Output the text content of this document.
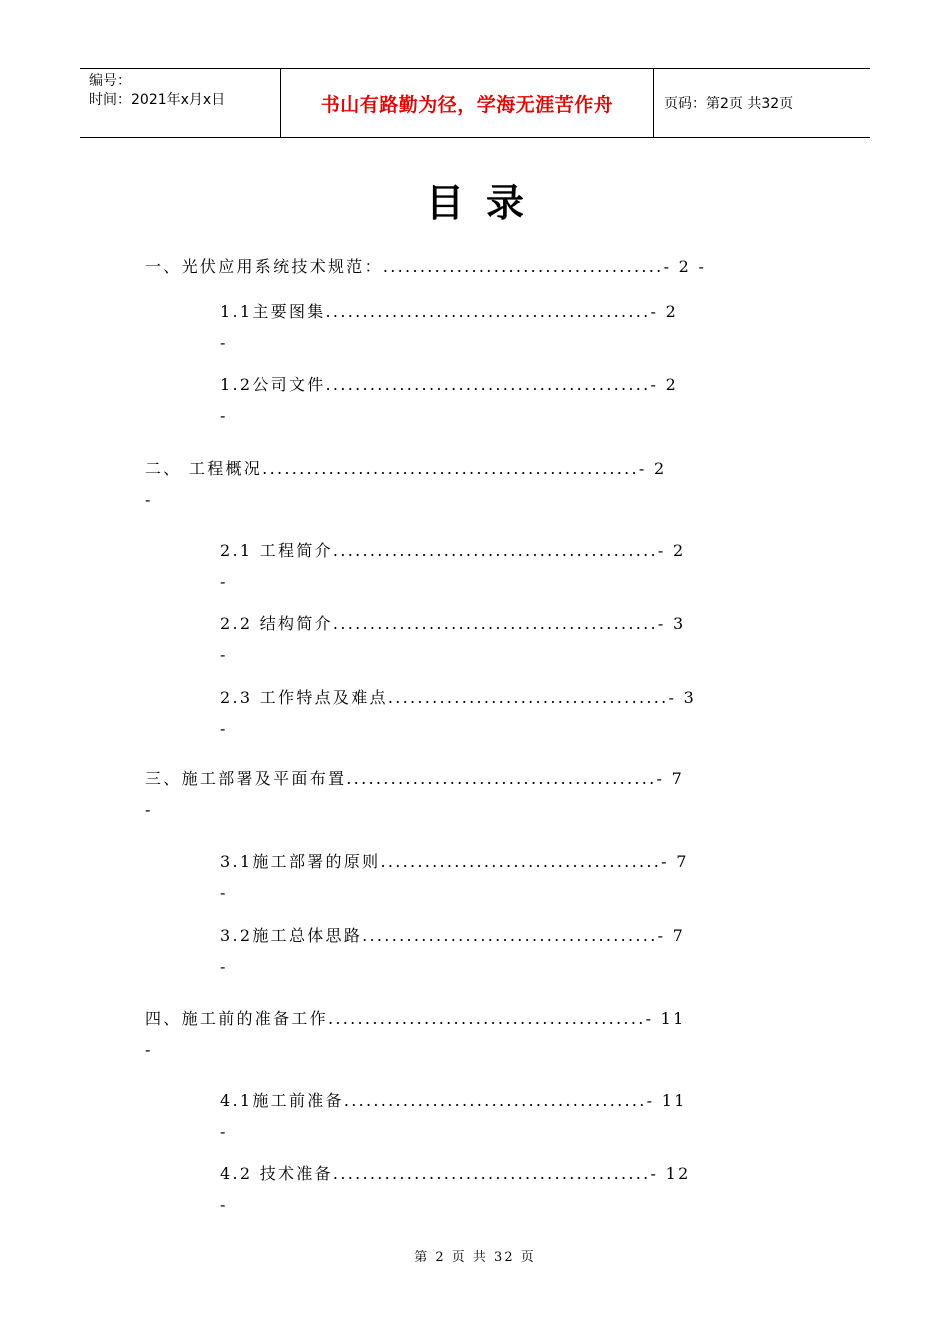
编号：
时间：2021年x月x日	书山有路勤为径，学海无涯苦作舟	页码：第2页 共32页
目录
一、光伏应用系统技术规范：......................................- 2 -
1.1主要图集............................................- 2
-
1.2公司文件............................................- 2
-
二、 工程概况...................................................- 2
-
2.1 工程简介............................................- 2
-
2.2 结构简介............................................- 3
-
2.3 工作特点及难点......................................- 3
-
三、施工部署及平面布置..........................................- 7
-
3.1施工部署的原则......................................- 7
-
3.2施工总体思路........................................- 7
-
四、施工前的准备工作...........................................- 11
-
4.1施工前准备.........................................- 11
-
4.2 技术准备...........................................- 12
-
第 2 页 共 32 页
